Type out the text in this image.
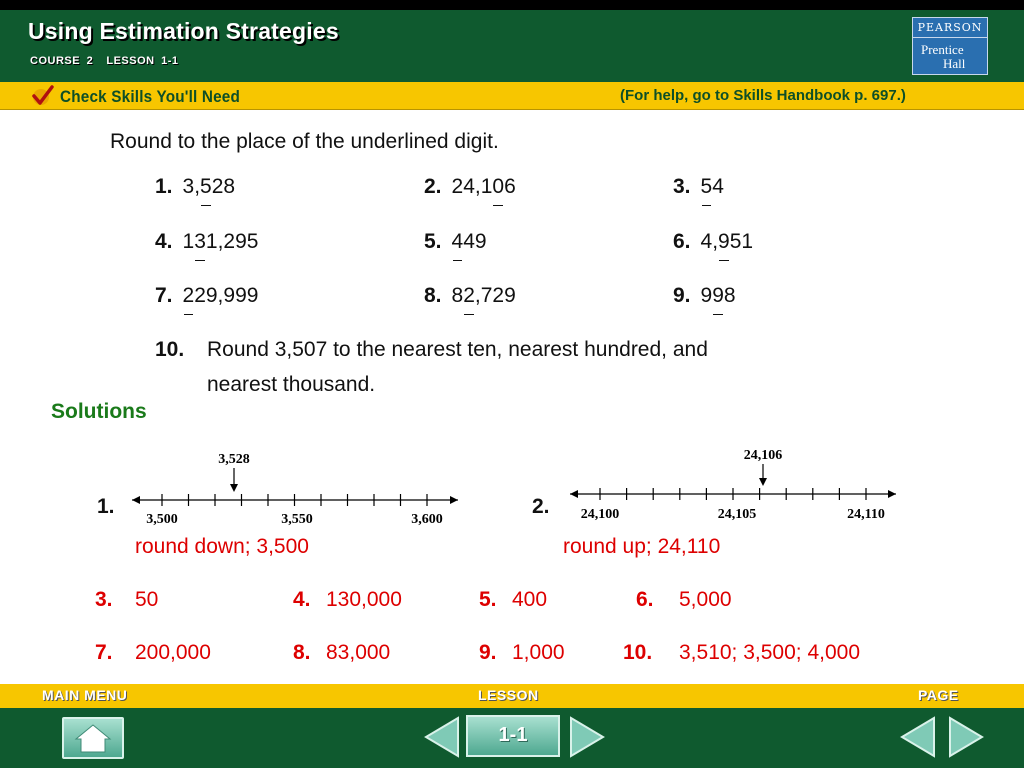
Using Estimation Strategies
COURSE 2  LESSON 1-1
PEARSON
Prentice
Hall
Check Skills You'll Need	(For help, go to Skills Handbook p. 697.)
Round to the place of the underlined digit.
1. 3,528	2. 24,106	3. 54
4. 131,295	5. 449	6. 4,951
7. 229,999	8. 82,729	9. 998
10. Round 3,507 to the nearest ten, nearest hundred, and
nearest thousand.
Solutions
1.
3,528
3,500	3,550	3,600
round down; 3,500
2.
24,106
24,100	24,105	24,110
round up; 24,110
3. 50	4. 130,000	5. 400	6. 5,000
7. 200,000	8. 83,000	9. 1,000	10. 3,510; 3,500; 4,000
MAIN MENU	LESSON	PAGE
1-1
